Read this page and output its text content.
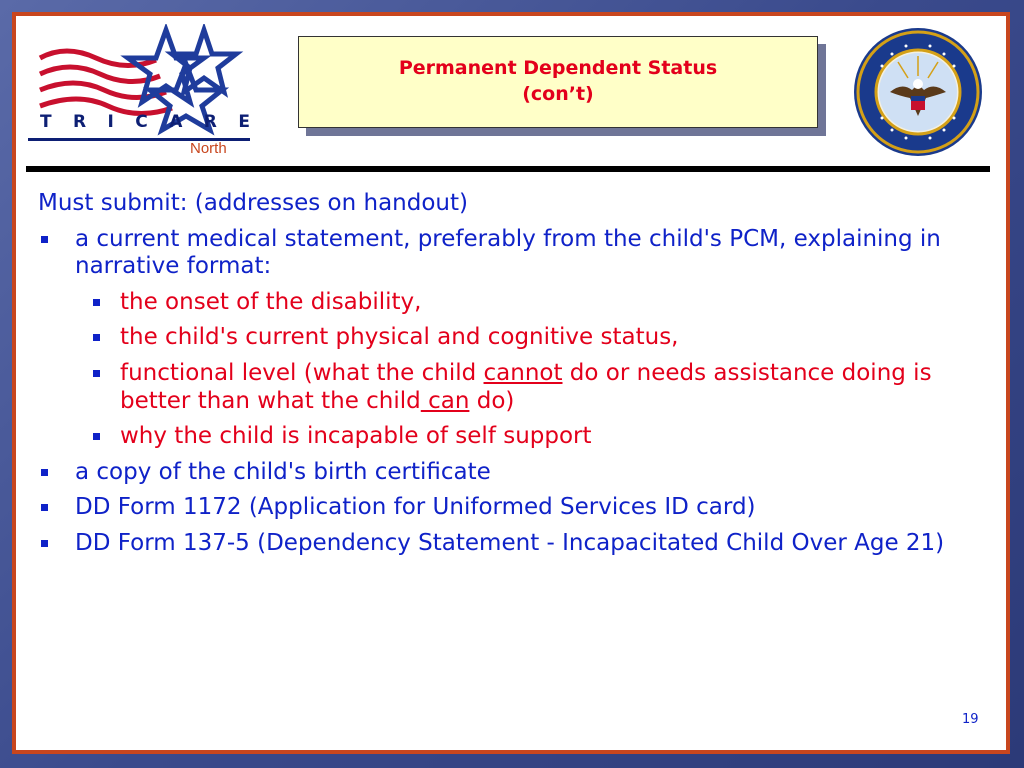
T R I C A R E
North
Permanent Dependent Status
(con’t)
Must submit: (addresses on handout)
a current medical statement, preferably from the child's PCM, explaining in narrative format:
the onset of the disability,
the child's current physical and cognitive status,
functional level (what the child cannot do or needs assistance doing is better than what the child can do)
why the child is incapable of self support
a copy of the child's birth certificate
DD Form 1172 (Application for Uniformed Services ID card)
DD Form 137-5 (Dependency Statement - Incapacitated Child Over Age 21)
19
